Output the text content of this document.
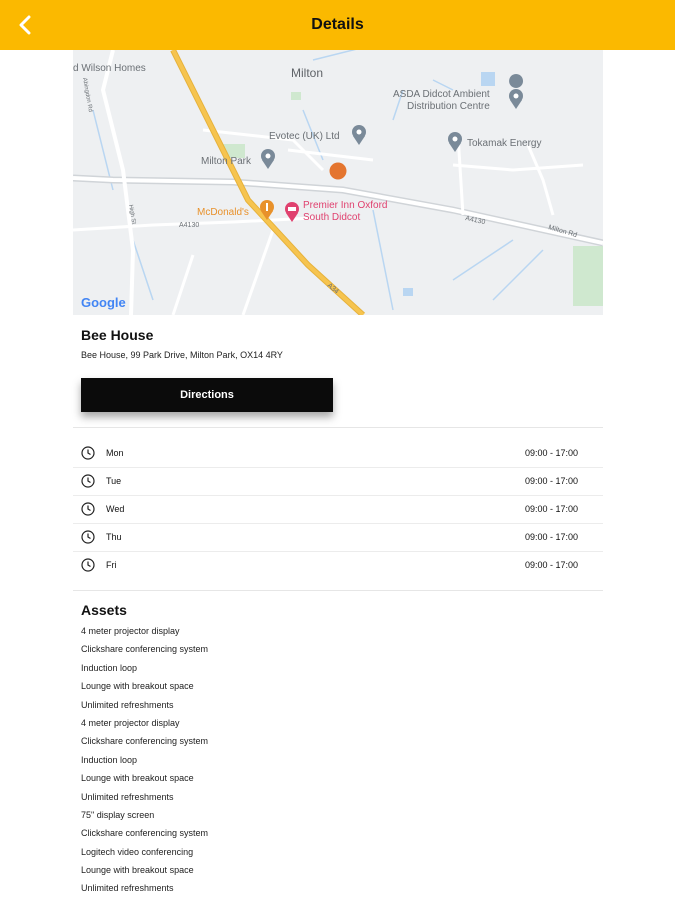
Details
d Wilson Homes	Milton
ASDA Didcot Ambient
Distribution Centre
Evotec (UK) Ltd
Tokamak Energy
Milton Park
McDonald's
Premier Inn Oxford
South Didcot
A4130	A4130
Milton Rd
A34
Abingdon Rd
High St
Google
Bee House
Bee House, 99 Park Drive, Milton Park, OX14 4RY
Directions
Mon	09:00 - 17:00
Tue	09:00 - 17:00
Wed	09:00 - 17:00
Thu	09:00 - 17:00
Fri	09:00 - 17:00
Assets
4 meter projector display
Clickshare conferencing system
Induction loop
Lounge with breakout space
Unlimited refreshments
4 meter projector display
Clickshare conferencing system
Induction loop
Lounge with breakout space
Unlimited refreshments
75" display screen
Clickshare conferencing system
Logitech video conferencing
Lounge with breakout space
Unlimited refreshments
